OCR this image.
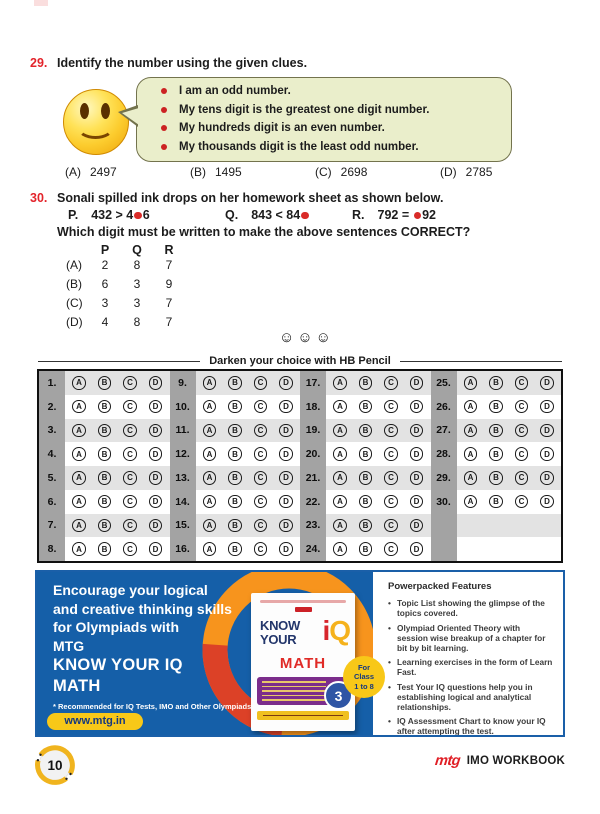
29. Identify the number using the given clues.
I am an odd number.
My tens digit is the greatest one digit number.
My hundreds digit is an even number.
My thousands digit is the least odd number.
(A) 2497	(B) 1495	(C) 2698	(D) 2785
30. Sonali spilled ink drops on her homework sheet as shown below.
P. 432 > 4 6	Q. 843 < 84	R. 792 = 92
Which digit must be written to make the above sentences CORRECT?
P Q R
(A) 2 8 7
(B) 6 3 9
(C) 3 3 7
(D) 4 8 7
☺☺☺
Darken your choice with HB Pencil
1.	A	B	C	D
2.	A	B	C	D
3.	A	B	C	D
4.	A	B	C	D
5.	A	B	C	D
6.	A	B	C	D
7.	A	B	C	D
8.	A	B	C	D
9.	A	B	C	D
10.	A	B	C	D
11.	A	B	C	D
12.	A	B	C	D
13.	A	B	C	D
14.	A	B	C	D
15.	A	B	C	D
16.	A	B	C	D
17.	A	B	C	D
18.	A	B	C	D
19.	A	B	C	D
20.	A	B	C	D
21.	A	B	C	D
22.	A	B	C	D
23.	A	B	C	D
24.	A	B	C	D
25.	A	B	C	D
26.	A	B	C	D
27.	A	B	C	D
28.	A	B	C	D
29.	A	B	C	D
30.	A	B	C	D
Encourage your logical
and creative thinking skills
for Olympiads with
MTG
KNOW YOUR IQ
MATH
* Recommended for IQ Tests, IMO and Other Olympiads
www.mtg.in
KNOW
YOUR iQ
MATH
3
For
Class
1 to 8
Powerpacked Features
• Topic List showing the glimpse of the topics covered.
• Olympiad Oriented Theory with session wise breakup of a chapter for bit by bit learning.
• Learning exercises in the form of Learn Fast.
• Test Your IQ questions help you in establishing logical and analytical relationships.
• IQ Assessment Chart to know your IQ after attempting the test.
10	mtg IMO WORKBOOK
